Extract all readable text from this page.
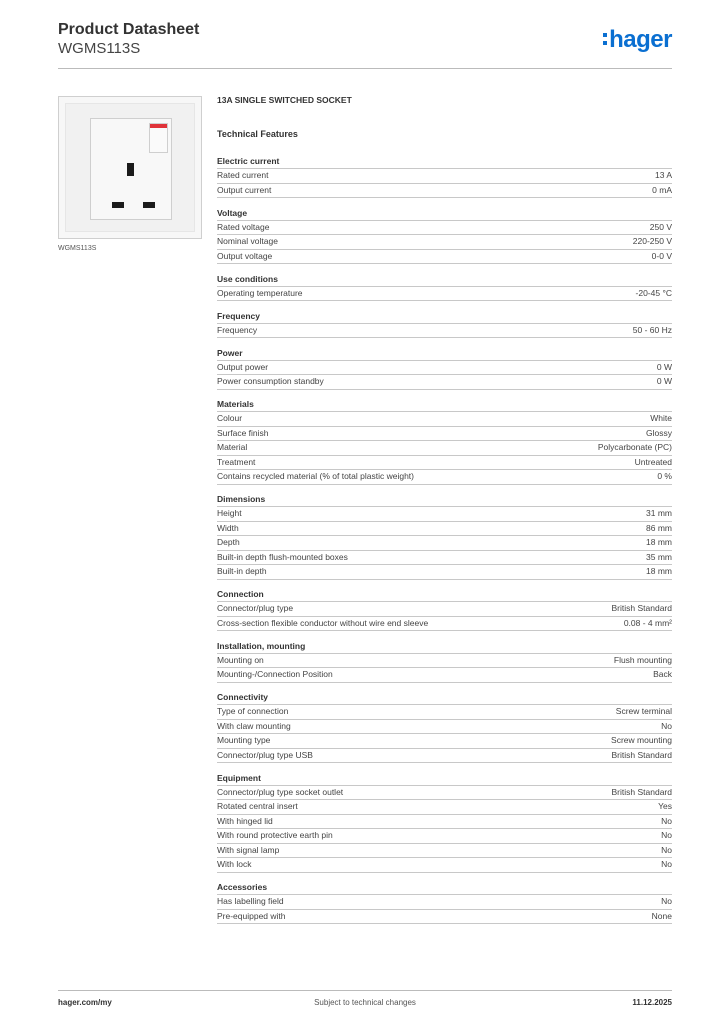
Product Datasheet
WGMS113S	hager
WGMS113S
13A SINGLE SWITCHED SOCKET
Technical Features
Electric current
Rated current	13 A
Output current	0 mA
Voltage
Rated voltage	250 V
Nominal voltage	220-250 V
Output voltage	0-0 V
Use conditions
Operating temperature	-20-45 °C
Frequency
Frequency	50 - 60 Hz
Power
Output power	0 W
Power consumption standby	0 W
Materials
Colour	White
Surface finish	Glossy
Material	Polycarbonate (PC)
Treatment	Untreated
Contains recycled material (% of total plastic weight)	0 %
Dimensions
Height	31 mm
Width	86 mm
Depth	18 mm
Built-in depth flush-mounted boxes	35 mm
Built-in depth	18 mm
Connection
Connector/plug type	British Standard
Cross-section flexible conductor without wire end sleeve	0.08 - 4 mm²
Installation, mounting
Mounting on	Flush mounting
Mounting-/Connection Position	Back
Connectivity
Type of connection	Screw terminal
With claw mounting	No
Mounting type	Screw mounting
Connector/plug type USB	British Standard
Equipment
Connector/plug type socket outlet	British Standard
Rotated central insert	Yes
With hinged lid	No
With round protective earth pin	No
With signal lamp	No
With lock	No
Accessories
Has labelling field	No
Pre-equipped with	None
hager.com/my	Subject to technical changes	11.12.2025
